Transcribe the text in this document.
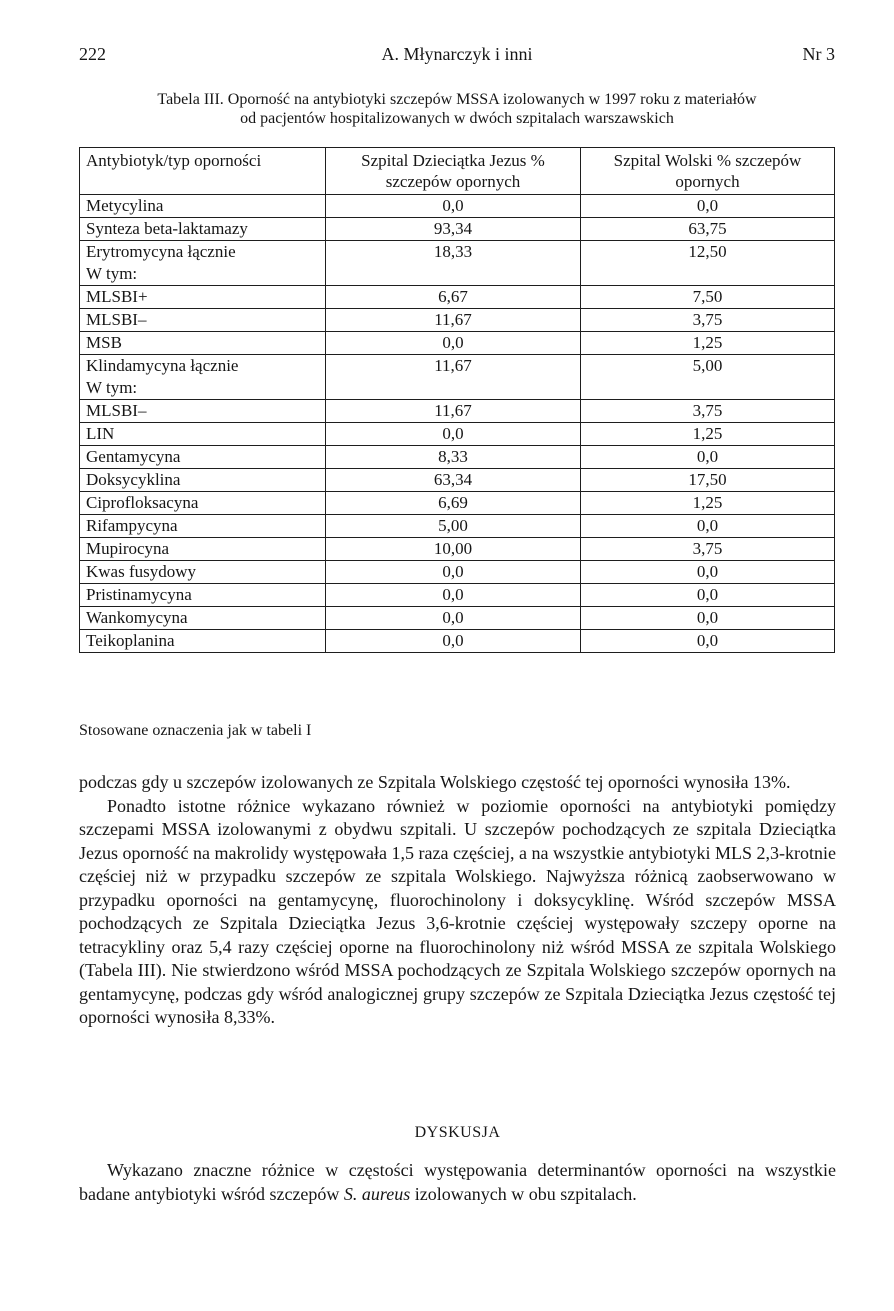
222	A. Młynarczyk i inni	Nr 3
Tabela III. Oporność na antybiotyki szczepów MSSA izolowanych w 1997 roku z materiałów
od pacjentów hospitalizowanych w dwóch szpitalach warszawskich
Antybiotyk/typ oporności	Szpital Dzieciątka Jezus % szczepów opornych	Szpital Wolski % szczepów opornych

Metycylina	0,0	0,0

Synteza beta-laktamazy	93,34	63,75

Erytromycyna łącznie
W tym:	18,33	12,50

MLSBI+	6,67	7,50

MLSBI–	11,67	3,75

MSB	0,0	1,25

Klindamycyna łącznie
W tym:	11,67	5,00

MLSBI–	11,67	3,75

LIN	0,0	1,25

Gentamycyna	8,33	0,0

Doksycyklina	63,34	17,50

Ciprofloksacyna	6,69	1,25

Rifampycyna	5,00	0,0

Mupirocyna	10,00	3,75

Kwas fusydowy	0,0	0,0

Pristinamycyna	0,0	0,0

Wankomycyna	0,0	0,0

Teikoplanina	0,0	0,0
Stosowane oznaczenia jak w tabeli I

podczas gdy u szczepów izolowanych ze Szpitala Wolskiego częstość tej oporności wynosiła 13%.

Ponadto istotne różnice wykazano również w poziomie oporności na antybiotyki pomiędzy szczepami MSSA izolowanymi z obydwu szpitali. U szczepów pochodzących ze szpitala Dzieciątka Jezus oporność na makrolidy występowała 1,5 raza częściej, a na wszystkie antybiotyki MLS 2,3-krotnie częściej niż w przypadku szczepów ze szpitala Wolskiego. Najwyższa różnicą zaobserwowano w przypadku oporności na gentamycynę, fluorochinolony i doksycyklinę. Wśród szczepów MSSA pochodzących ze Szpitala Dzieciątka Jezus 3,6-krotnie częściej występowały szczepy oporne na tetracykliny oraz 5,4 razy częściej oporne na fluorochinolony niż wśród MSSA ze szpitala Wolskiego (Tabela III). Nie stwierdzono wśród MSSA pochodzących ze Szpitala Wolskiego szczepów opornych na gentamycynę, podczas gdy wśród analogicznej grupy szczepów ze Szpitala Dzieciątka Jezus częstość tej oporności wynosiła 8,33%.

DYSKUSJA

Wykazano znaczne różnice w częstości występowania determinantów oporności na wszystkie badane antybiotyki wśród szczepów S. aureus izolowanych w obu szpitalach.
